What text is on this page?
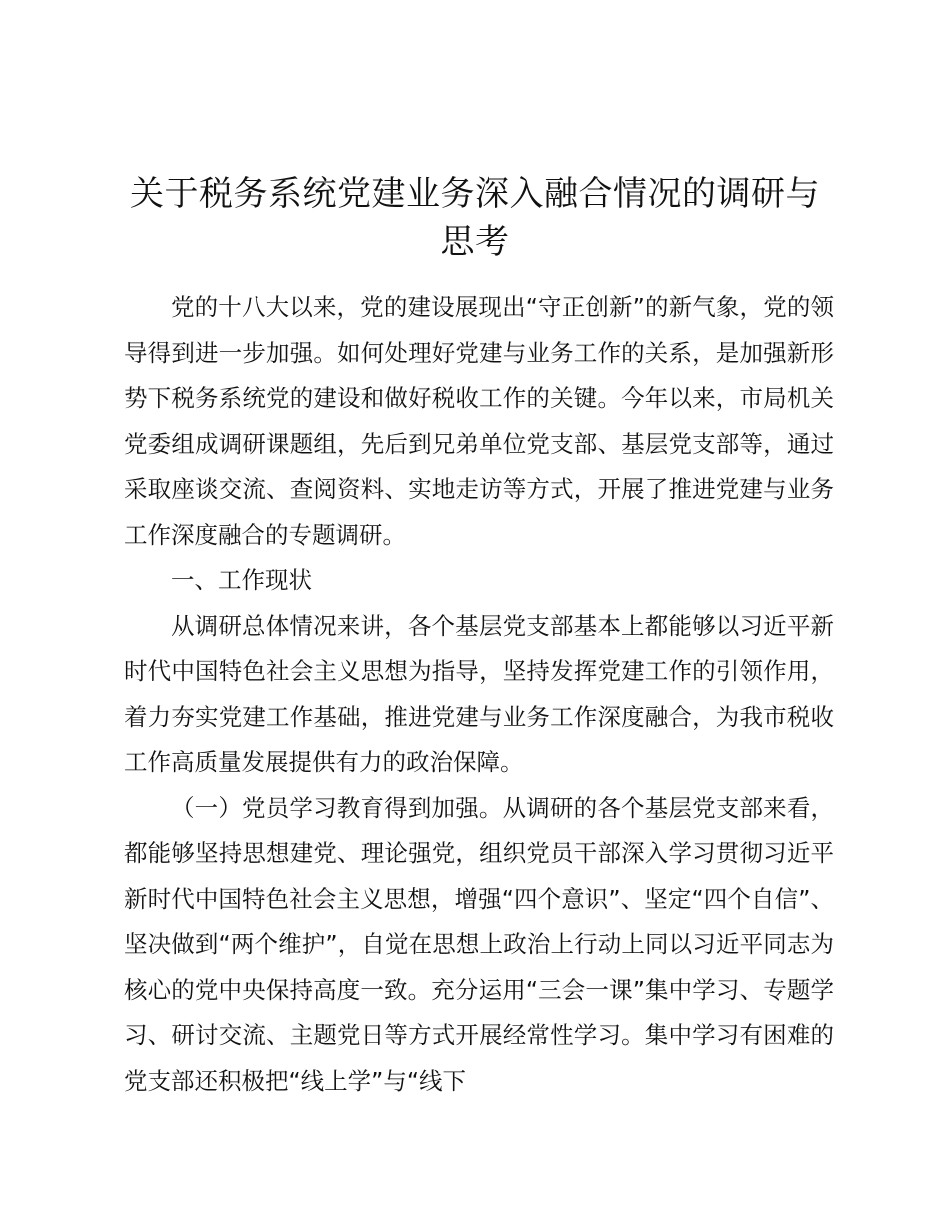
关于税务系统党建业务深入融合情况的调研与思考

党的十八大以来，党的建设展现出“守正创新”的新气象，党的领导得到进一步加强。如何处理好党建与业务工作的关系，是加强新形势下税务系统党的建设和做好税收工作的关键。今年以来，市局机关党委组成调研课题组，先后到兄弟单位党支部、基层党支部等，通过采取座谈交流、查阅资料、实地走访等方式，开展了推进党建与业务工作深度融合的专题调研。

一、工作现状

从调研总体情况来讲，各个基层党支部基本上都能够以习近平新时代中国特色社会主义思想为指导，坚持发挥党建工作的引领作用，着力夯实党建工作基础，推进党建与业务工作深度融合，为我市税收工作高质量发展提供有力的政治保障。

（一）党员学习教育得到加强。从调研的各个基层党支部来看，都能够坚持思想建党、理论强党，组织党员干部深入学习贯彻习近平新时代中国特色社会主义思想，增强“四个意识”、坚定“四个自信”、坚决做到“两个维护”，自觉在思想上政治上行动上同以习近平同志为核心的党中央保持高度一致。充分运用“三会一课”集中学习、专题学习、研讨交流、主题党日等方式开展经常性学习。集中学习有困难的党支部还积极把“线上学”与“线下
